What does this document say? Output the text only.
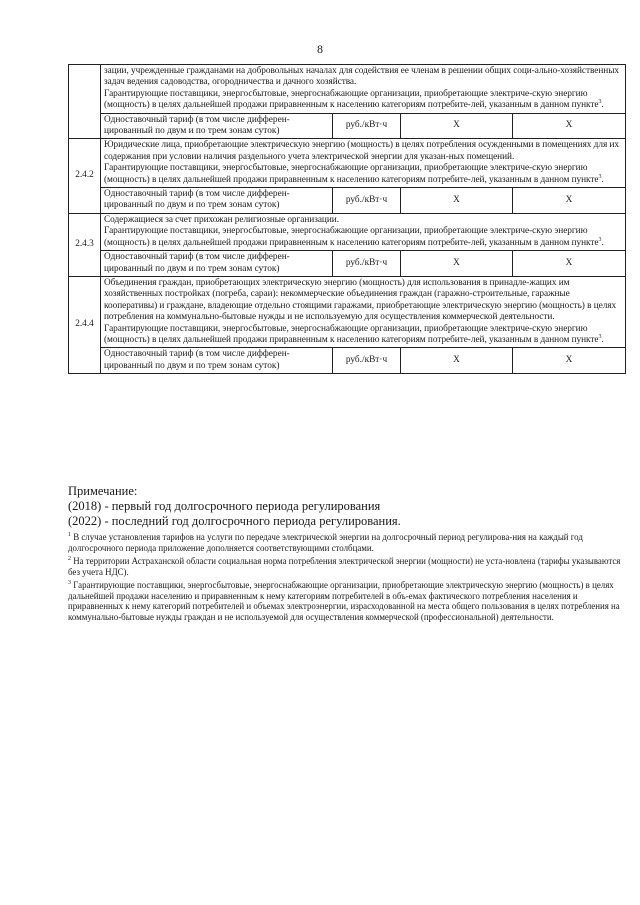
8
	зации, учрежденные гражданами на добровольных началах для содействия ее членам в решении общих соци-ально-хозяйственных задач ведения садоводства, огородничества и дачного хозяйства.
Гарантирующие поставщики, энергосбытовые, энергоснабжающие организации, приобретающие электриче-скую энергию (мощность) в целях дальнейшей продажи приравненным к населению категориям потребите-лей, указанным в данном пункте$^3$.			
	Одноставочный тариф (в том числе дифферен-цированный по двум и по трем зонам суток)	руб./кВт·ч	Х	Х
2.4.2	Юридические лица, приобретающие электрическую энергию (мощность) в целях потребления осужденными в помещениях для их содержания при условии наличия раздельного учета электрической энергии для указан-ных помещений.
Гарантирующие поставщики, энергосбытовые, энергоснабжающие организации, приобретающие электриче-скую энергию (мощность) в целях дальнейшей продажи приравненным к населению категориям потребите-лей, указанным в данном пункте$^3$.			
	Одноставочный тариф (в том числе дифферен-цированный по двум и по трем зонам суток)	руб./кВт·ч	Х	Х
2.4.3	Содержащиеся за счет прихожан религиозные организации.
Гарантирующие поставщики, энергосбытовые, энергоснабжающие организации, приобретающие электриче-скую энергию (мощность) в целях дальнейшей продажи приравненным к населению категориям потребите-лей, указанным в данном пункте$^3$.			
	Одноставочный тариф (в том числе дифферен-цированный по двум и по трем зонам суток)	руб./кВт·ч	Х	Х
2.4.4	Объединения граждан, приобретающих электрическую энергию (мощность) для использования в принадле-жащих им хозяйственных постройках (погреба, сараи): некоммерческие объединения граждан (гаражно-строительные, гаражные кооперативы) и граждане, владеющие отдельно стоящими гаражами, приобретающие электрическую энергию (мощность) в целях потребления на коммунально-бытовые нужды и не используемую для осуществления коммерческой деятельности.
Гарантирующие поставщики, энергосбытовые, энергоснабжающие организации, приобретающие электриче-скую энергию (мощность) в целях дальнейшей продажи приравненным к населению категориям потребите-лей, указанным в данном пункте$^3$.			
	Одноставочный тариф (в том числе дифферен-цированный по двум и по трем зонам суток)	руб./кВт·ч	Х	Х
Примечание:
(2018) - первый год долгосрочного периода регулирования
(2022) - последний год долгосрочного периода регулирования.
$^1$ В случае установления тарифов на услуги по передаче электрической энергии на долгосрочный период регулирова-ния на каждый год долгосрочного периода приложение дополняется соответствующими столбцами.
$^2$ На территории Астраханской области социальная норма потребления электрической энергии (мощности) не уста-новлена (тарифы указываются без учета НДС).
$^3$ Гарантирующие поставщики, энергосбытовые, энергоснабжающие организации, приобретающие электрическую энергию (мощность) в целях дальнейшей продажи населению и приравненным к нему категориям потребителей в объ-емах фактического потребления населения и приравненных к нему категорий потребителей и объемах электроэнергии, израсходованной на места общего пользования в целях потребления на коммунально-бытовые нужды граждан и не используемой для осуществления коммерческой (профессиональной) деятельности.
